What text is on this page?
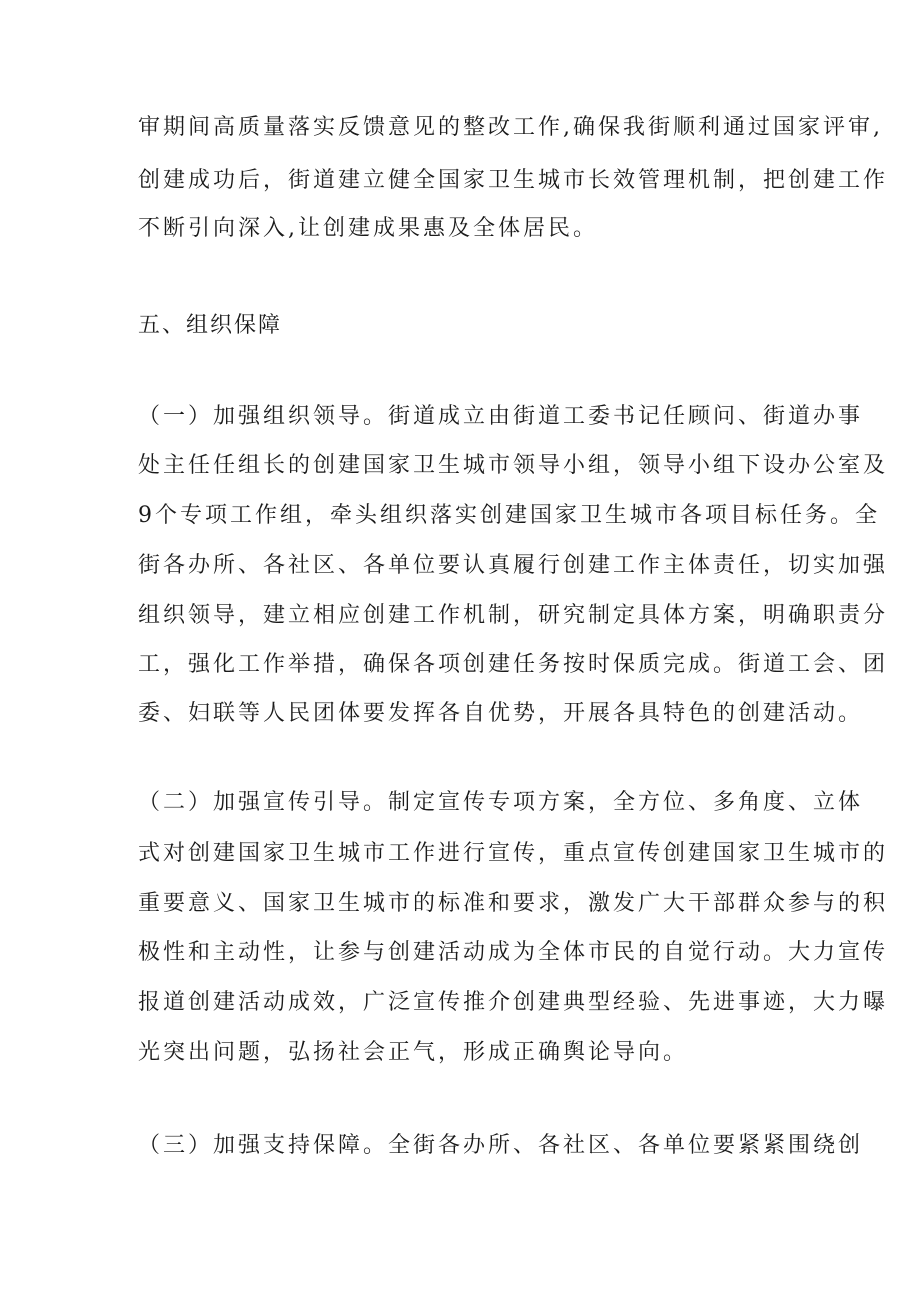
审期间高质量落实反馈意见的整改工作,确保我街顺利通过国家评审,
创建成功后，街道建立健全国家卫生城市长效管理机制，把创建工作
不断引向深入,让创建成果惠及全体居民。
五、组织保障
（一）加强组织领导。街道成立由街道工委书记任顾问、街道办事
处主任任组长的创建国家卫生城市领导小组，领导小组下设办公室及
9个专项工作组，牵头组织落实创建国家卫生城市各项目标任务。全
街各办所、各社区、各单位要认真履行创建工作主体责任，切实加强
组织领导，建立相应创建工作机制，研究制定具体方案，明确职责分
工，强化工作举措，确保各项创建任务按时保质完成。街道工会、团
委、妇联等人民团体要发挥各自优势，开展各具特色的创建活动。
（二）加强宣传引导。制定宣传专项方案，全方位、多角度、立体
式对创建国家卫生城市工作进行宣传，重点宣传创建国家卫生城市的
重要意义、国家卫生城市的标准和要求，激发广大干部群众参与的积
极性和主动性，让参与创建活动成为全体市民的自觉行动。大力宣传
报道创建活动成效，广泛宣传推介创建典型经验、先进事迹，大力曝
光突出问题，弘扬社会正气，形成正确舆论导向。
（三）加强支持保障。全街各办所、各社区、各单位要紧紧围绕创
